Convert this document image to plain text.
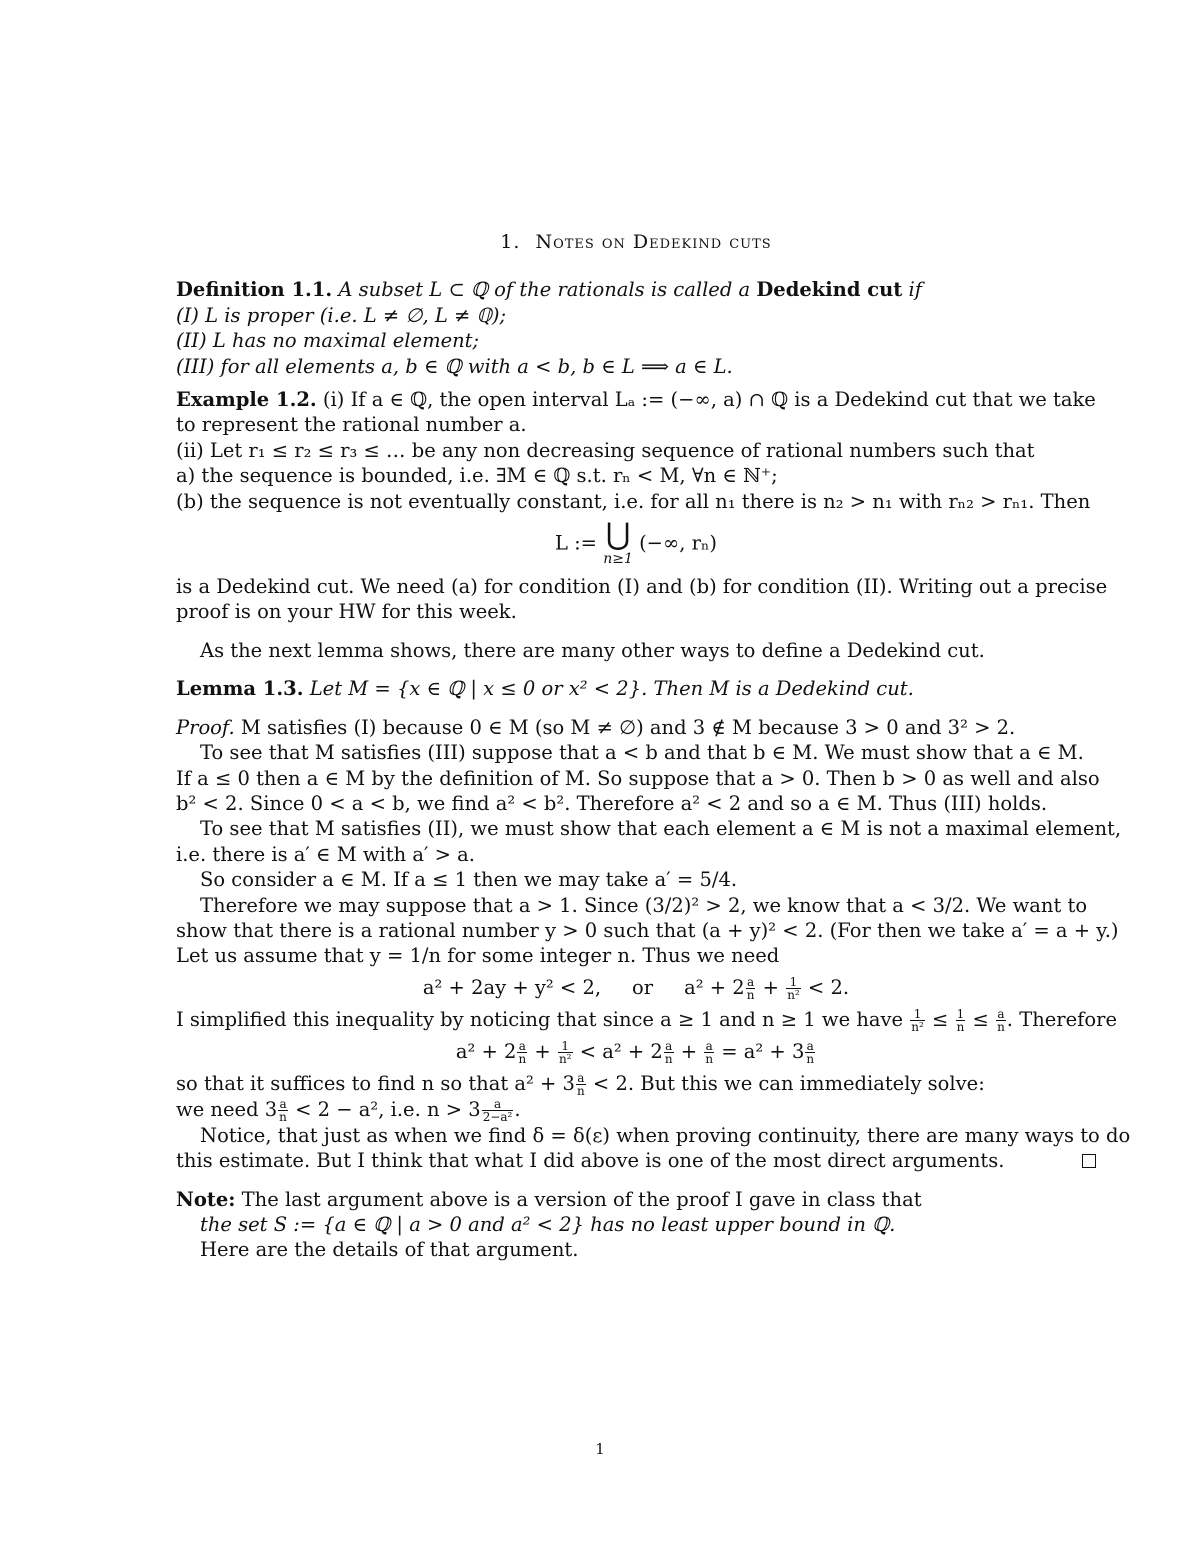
1. Notes on Dedekind cuts
Definition 1.1. A subset L ⊂ ℚ of the rationals is called a Dedekind cut if
(I) L is proper (i.e. L ≠ ∅, L ≠ ℚ);
(II) L has no maximal element;
(III) for all elements a, b ∈ ℚ with a < b, b ∈ L ⟹ a ∈ L.
Example 1.2. (i) If a ∈ ℚ, the open interval Lₐ := (−∞, a) ∩ ℚ is a Dedekind cut that we take
to represent the rational number a.
(ii) Let r₁ ≤ r₂ ≤ r₃ ≤ … be any non decreasing sequence of rational numbers such that
a) the sequence is bounded, i.e. ∃M ∈ ℚ s.t. rₙ < M, ∀n ∈ ℕ⁺;
(b) the sequence is not eventually constant, i.e. for all n₁ there is n₂ > n₁ with rₙ₂ > rₙ₁. Then
L := ⋃
n≥1
(−∞, rₙ)
is a Dedekind cut. We need (a) for condition (I) and (b) for condition (II). Writing out a precise
proof is on your HW for this week.
As the next lemma shows, there are many other ways to define a Dedekind cut.
Lemma 1.3. Let M = {x ∈ ℚ | x ≤ 0 or x² < 2}. Then M is a Dedekind cut.
Proof. M satisfies (I) because 0 ∈ M (so M ≠ ∅) and 3 ∉ M because 3 > 0 and 3² > 2.
To see that M satisfies (III) suppose that a < b and that b ∈ M. We must show that a ∈ M.
If a ≤ 0 then a ∈ M by the definition of M. So suppose that a > 0. Then b > 0 as well and also
b² < 2. Since 0 < a < b, we find a² < b². Therefore a² < 2 and so a ∈ M. Thus (III) holds.
To see that M satisfies (II), we must show that each element a ∈ M is not a maximal element,
i.e. there is a′ ∈ M with a′ > a.
So consider a ∈ M. If a ≤ 1 then we may take a′ = 5/4.
Therefore we may suppose that a > 1. Since (3/2)² > 2, we know that a < 3/2. We want to
show that there is a rational number y > 0 such that (a + y)² < 2. (For then we take a′ = a + y.)
Let us assume that y = 1/n for some integer n. Thus we need
a² + 2ay + y² < 2, or $a^2 + 2 \frac{a}{n} + \frac{1}{\text{n²}} < 2$.
I simplified this inequality by noticing that since a ≥ 1 and n ≥ 1 we have $\frac{1}{\text{n²}} \le \frac{1}{n} \le \frac{a}{n}$ . Therefore
$a^2 + 2 \frac{a}{n} + \frac{1}{\text{n²}} < a^2 + 2 \frac{a}{n} + \frac{a}{n} = a^2 + 3 \frac{a}{n}$
so that it suffices to find n so that $a^2 + 3 \frac{a}{n} < 2$. But this we can immediately solve:
we need $3 \frac{a}{n} < 2 - a^2$, i.e. $n > 3 \frac{a}{\text{2−a²}}$ .
Notice, that just as when we find δ = δ(ε) when proving continuity, there are many ways to do
this estimate. But I think that what I did above is one of the most direct arguments.
Note: The last argument above is a version of the proof I gave in class that
the set S := {a ∈ ℚ | a > 0 and a² < 2} has no least upper bound in ℚ.
Here are the details of that argument.
1
